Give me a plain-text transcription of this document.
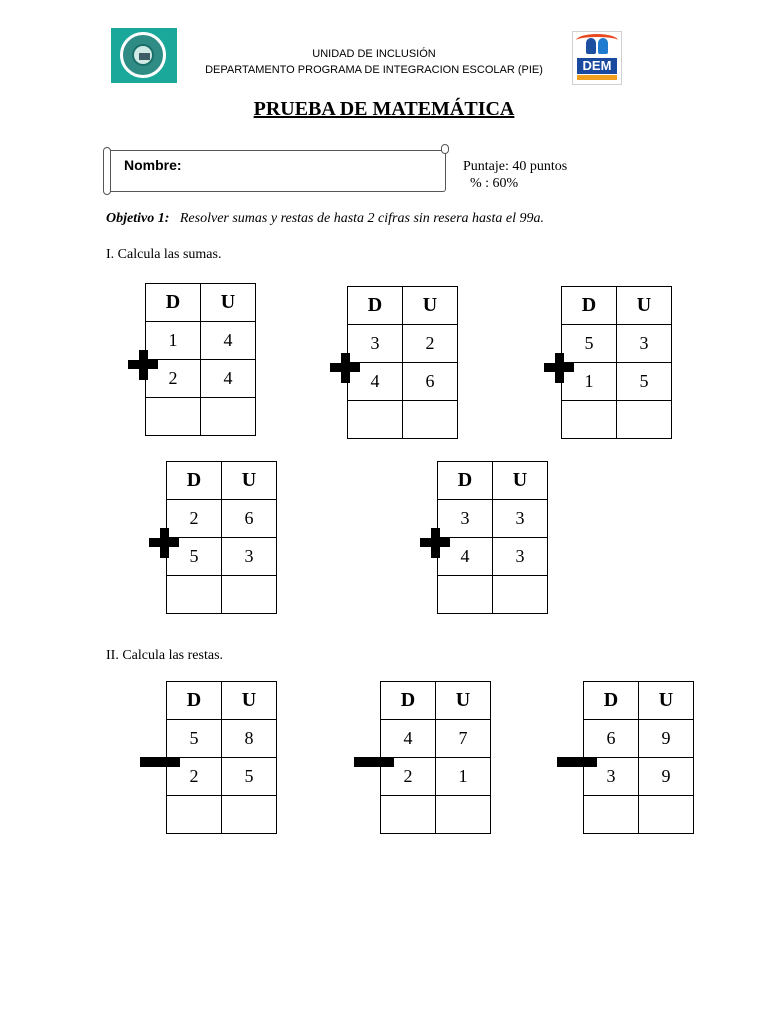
UNIDAD DE INCLUSIÓN
DEPARTAMENTO PROGRAMA DE INTEGRACION ESCOLAR (PIE)	DEM
PRUEBA DE MATEMÁTICA
Nombre:	Puntaje: 40 puntos
% : 60%
Objetivo 1: Resolver sumas y restas de hasta 2 cifras sin resera hasta el 99a.
I. Calcula las sumas.
II. Calcula las restas.
D	U
1	4
2	4

D	U
3	2
4	6

D	U
5	3
1	5

D	U
2	6
5	3

D	U
3	3
4	3

D	U
5	8
2	5

D	U
4	7
2	1

D	U
6	9
3	9
